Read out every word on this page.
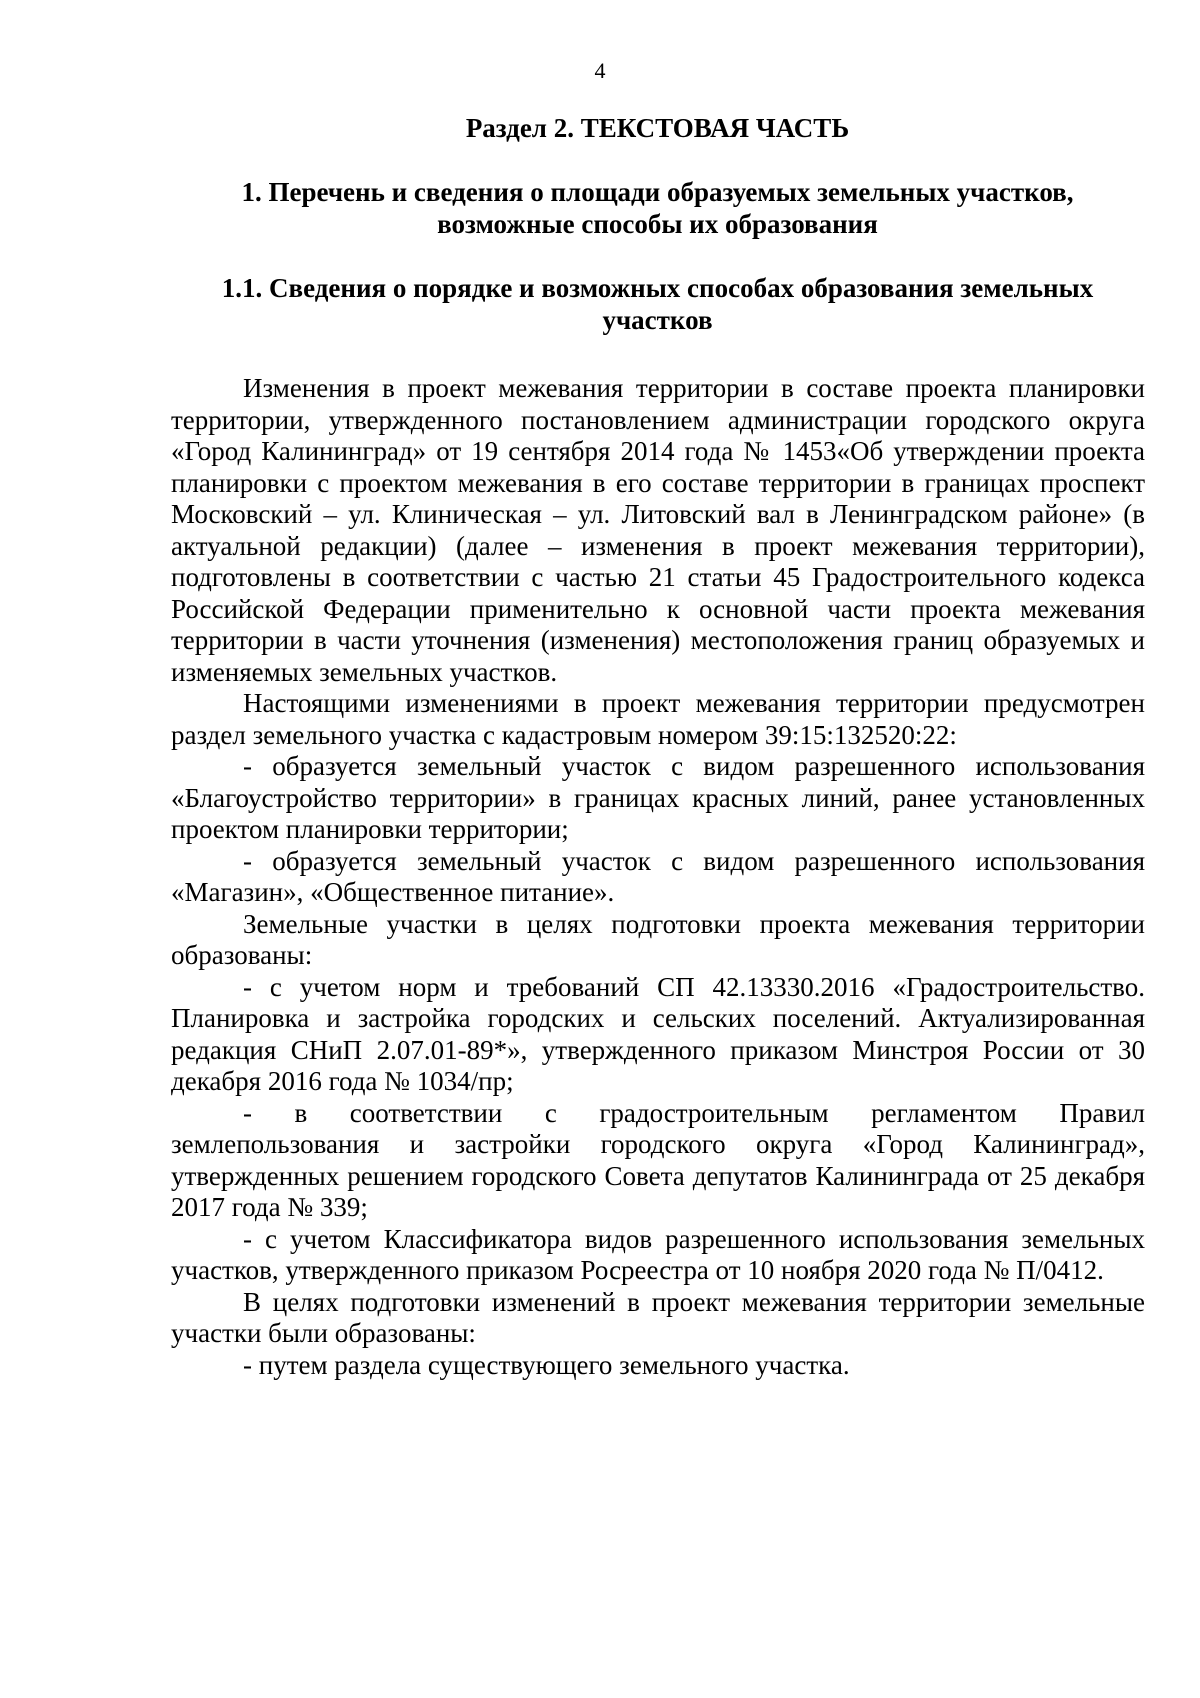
4
Раздел 2. ТЕКСТОВАЯ ЧАСТЬ
1. Перечень и сведения о площади образуемых земельных участков, возможные способы их образования
1.1. Сведения о порядке и возможных способах образования земельных участков

Изменения в проект межевания территории в составе проекта планировки территории, утвержденного постановлением администрации городского округа «Город Калининград» от 19 сентября 2014 года № 1453«Об утверждении проекта планировки с проектом межевания в его составе территории в границах проспект Московский – ул. Клиническая – ул. Литовский вал в Ленинградском районе» (в актуальной редакции) (далее – изменения в проект межевания территории), подготовлены в соответствии с частью 21 статьи 45 Градостроительного кодекса Российской Федерации применительно к основной части проекта межевания территории в части уточнения (изменения) местоположения границ образуемых и изменяемых земельных участков.

Настоящими изменениями в проект межевания территории предусмотрен раздел земельного участка с кадастровым номером 39:15:132520:22:

- образуется земельный участок с видом разрешенного использования «Благоустройство территории» в границах красных линий, ранее установленных проектом планировки территории;

- образуется земельный участок с видом разрешенного использования «Магазин», «Общественное питание».

Земельные участки в целях подготовки проекта межевания территории образованы:

- с учетом норм и требований СП 42.13330.2016 «Градостроительство. Планировка и застройка городских и сельских поселений. Актуализированная редакция СНиП 2.07.01-89*», утвержденного приказом Минстроя России от 30 декабря 2016 года № 1034/пр;

- в соответствии с градостроительным регламентом Правил землепользования и застройки городского округа «Город Калининград», утвержденных решением городского Совета депутатов Калининграда от 25 декабря 2017 года № 339;

- с учетом Классификатора видов разрешенного использования земельных участков, утвержденного приказом Росреестра от 10 ноября 2020 года № П/0412.

В целях подготовки изменений в проект межевания территории земельные участки были образованы:

- путем раздела существующего земельного участка.
